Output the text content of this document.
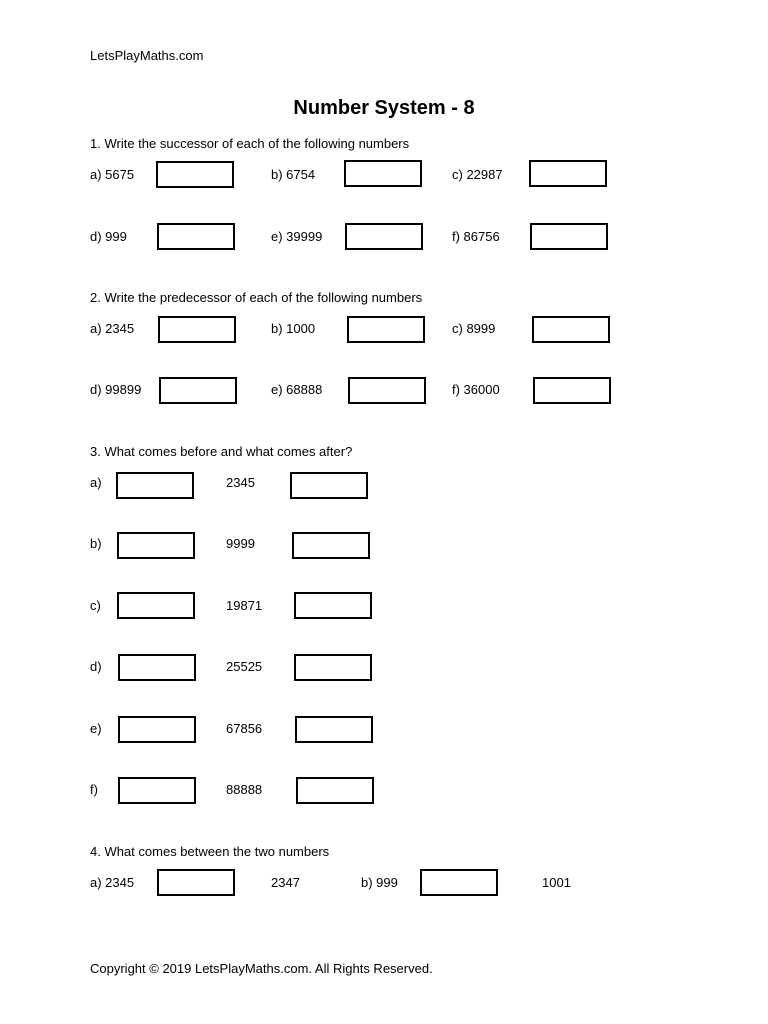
LetsPlayMaths.com
Number System - 8
1. Write the successor of each of the following numbers
a) 5675	b) 6754	c) 22987
d) 999	e) 39999	f) 86756
2. Write the predecessor of each of the following numbers
a) 2345	b) 1000	c) 8999
d) 99899	e) 68888	f) 36000
3. What comes before and what comes after?
a)	2345
b)	9999
c)	19871
d)	25525
e)	67856
f)	88888
4. What comes between the two numbers
a) 2345	2347	b) 999	1001
Copyright © 2019 LetsPlayMaths.com. All Rights Reserved.
